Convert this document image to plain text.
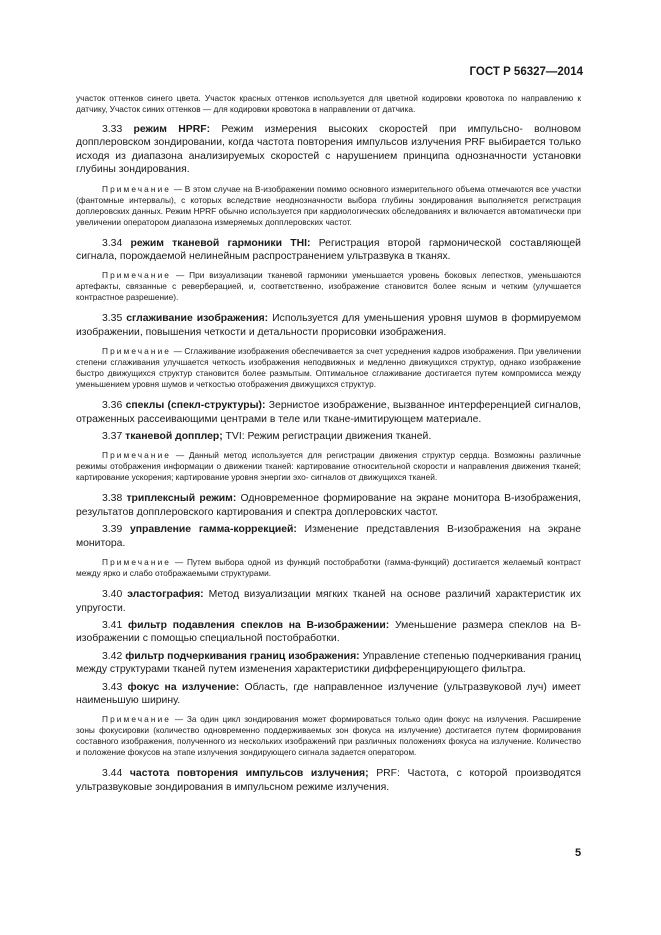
ГОСТ Р 56327—2014

участок оттенков синего цвета. Участок красных оттенков используется для цветной кодировки кровотока по направлению к датчику, Участок синих оттенков — для кодировки кровотока в направлении от датчика.

3.33 режим HPRF: Режим измерения высоких скоростей при импульсно- волновом допплеровском зондировании, когда частота повторения импульсов излучения PRF выбирается только исходя из диапазона анализируемых скоростей с нарушением принципа однозначности установки глубины зондирования.

Примечание — В этом случае на В-изображении помимо основного измерительного объема отмечаются все участки (фантомные интервалы), с которых вследствие неоднозначности выбора глубины зондирования выполняется регистрация доплеровских данных. Режим HPRF обычно используется при кардиологических обследованиях и включается автоматически при увеличении оператором диапазона измеряемых допплеровских частот.

3.34 режим тканевой гармоники THI: Регистрация второй гармонической составляющей сигнала, порождаемой нелинейным распространением ультразвука в тканях.

Примечание — При визуализации тканевой гармоники уменьшается уровень боковых лепестков, уменьшаются артефакты, связанные с реверберацией, и, соответственно, изображение становится более ясным и четким (улучшается контрастное разрешение).

3.35 сглаживание изображения: Используется для уменьшения уровня шумов в формируемом изображении, повышения четкости и детальности прорисовки изображения.

Примечание — Сглаживание изображения обеспечивается за счет усреднения кадров изображения. При увеличении степени сглаживания улучшается четкость изображения неподвижных и медленно движущихся структур, однако изображение быстро движущихся структур становится более размытым. Оптимальное сглаживание достигается путем компромисса между уменьшением уровня шумов и четкостью отображения движущихся структур.

3.36 спеклы (спекл-структуры): Зернистое изображение, вызванное интерференцией сигналов, отраженных рассеивающими центрами в теле или ткане-имитирующем материале.

3.37 тканевой допплер; TVI: Режим регистрации движения тканей.

Примечание — Данный метод используется для регистрации движения структур сердца. Возможны различные режимы отображения информации о движении тканей: картирование относительной скорости и направления движения тканей; картирование ускорения; картирование уровня энергии эхо- сигналов от движущихся тканей.

3.38 триплексный режим: Одновременное формирование на экране монитора В-изображения, результатов допплеровского картирования и спектра доплеровских частот.

3.39 управление гамма-коррекцией: Изменение представления В-изображения на экране монитора.

Примечание — Путем выбора одной из функций постобработки (гамма-функций) достигается желаемый контраст между ярко и слабо отображаемыми структурами.

3.40 эластография: Метод визуализации мягких тканей на основе различий характеристик их упругости.

3.41 фильтр подавления спеклов на В-изображении: Уменьшение размера спеклов на В-изображении с помощью специальной постобработки.

3.42 фильтр подчеркивания границ изображения: Управление степенью подчеркивания границ между структурами тканей путем изменения характеристики дифференцирующего фильтра.

3.43 фокус на излучение: Область, где направленное излучение (ультразвуковой луч) имеет наименьшую ширину.

Примечание — За один цикл зондирования может формироваться только один фокус на излучения. Расширение зоны фокусировки (количество одновременно поддерживаемых зон фокуса на излучение) достигается путем формирования составного изображения, полученного из нескольких изображений при различных положениях фокуса на излучение. Количество и положение фокусов на этапе излучения зондирующего сигнала задается оператором.

3.44 частота повторения импульсов излучения; PRF: Частота, с которой производятся ультразвуковые зондирования в импульсном режиме излучения.

5
